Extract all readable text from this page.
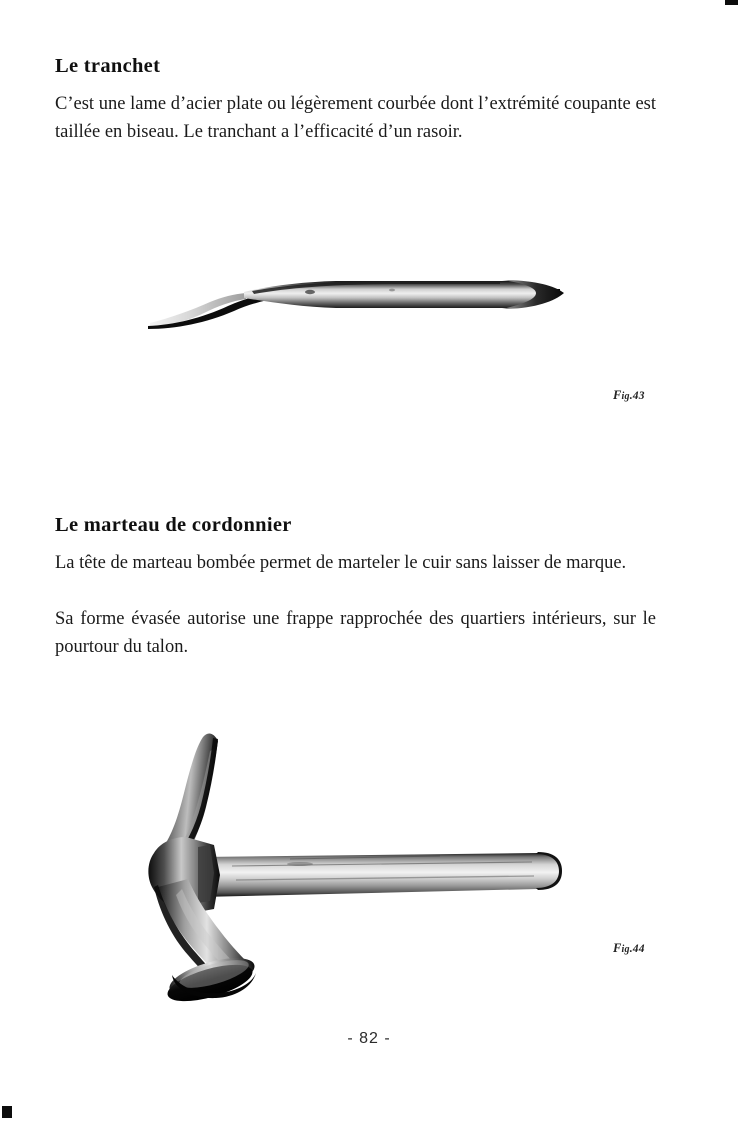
Le tranchet

C’est une lame d’acier plate ou légèrement courbée dont l’extrémité coupante est taillée en biseau. Le tranchant a l’efficacité d’un rasoir.

Le marteau de cordonnier

La tête de marteau bombée permet de marteler le cuir sans laisser de marque.

Sa forme évasée autorise une frappe rapprochée des quartiers intérieurs, sur le pourtour du talon.

Fig.43
Fig.44
- 82 -
